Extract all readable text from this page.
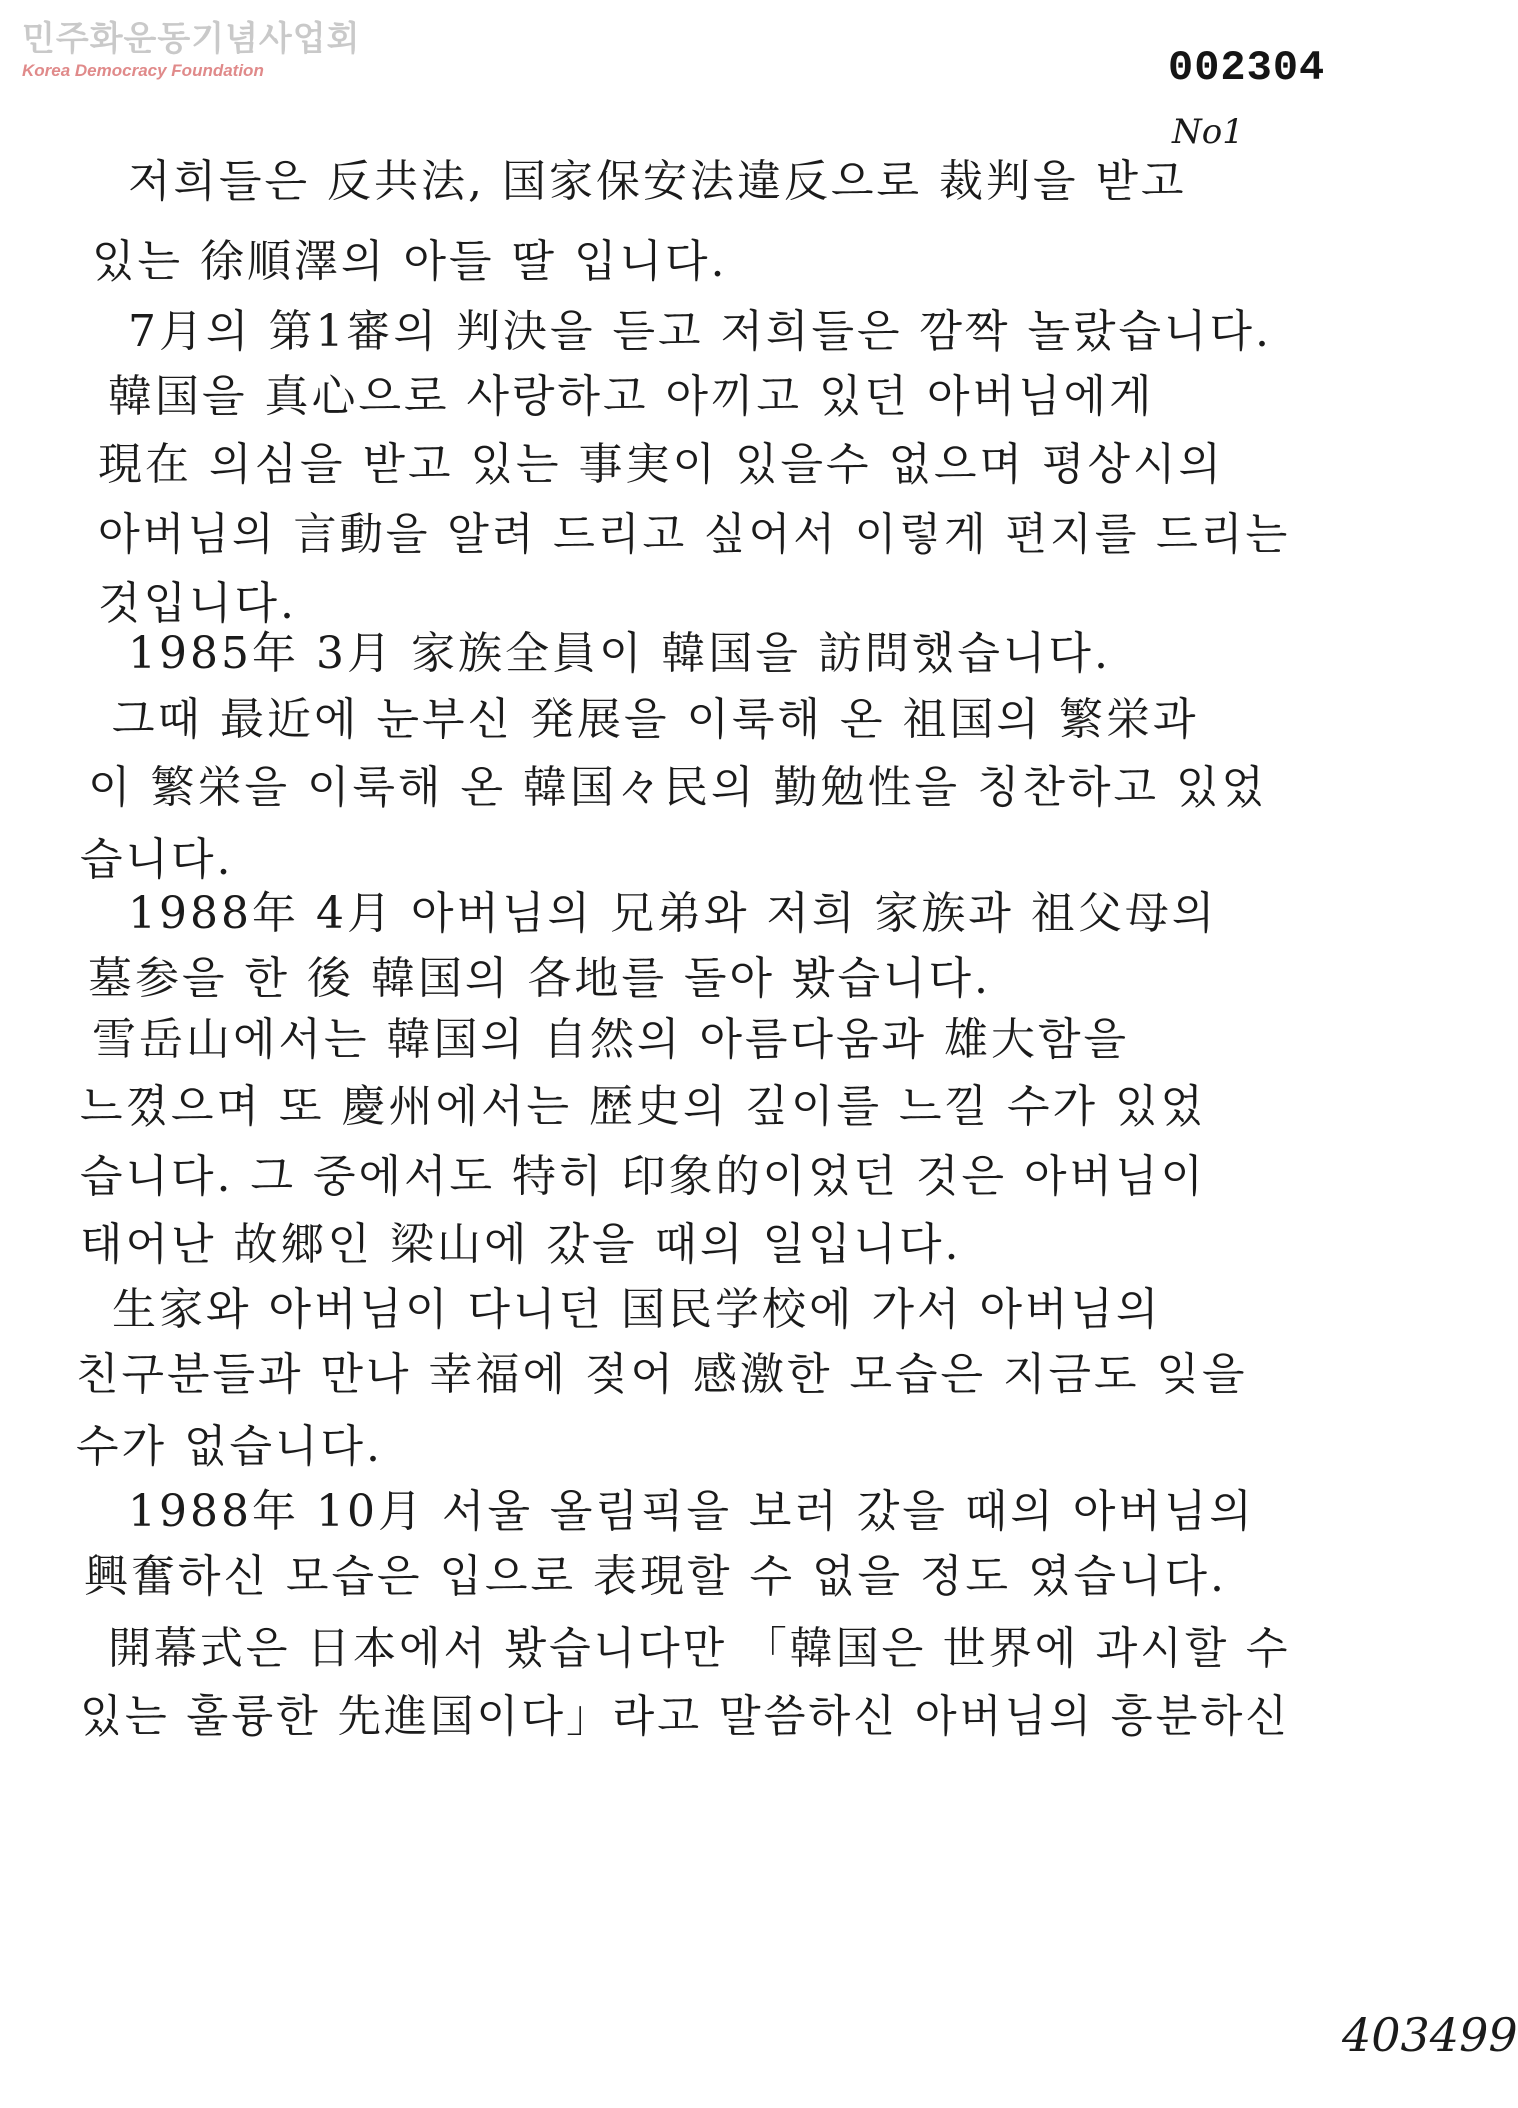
민주화운동기념사업회
Korea Democracy Foundation	002304
No1
저희들은 反共法, 国家保安法違反으로 裁判을 받고
있는 徐順澤의 아들 딸 입니다.
7月의 第1審의 判決을 듣고 저희들은 깜짝 놀랐습니다.
韓国을 真心으로 사랑하고 아끼고 있던 아버님에게
現在 의심을 받고 있는 事実이 있을수 없으며 평상시의
아버님의 言動을 알려 드리고 싶어서 이렇게 편지를 드리는
것입니다.
1985年 3月 家族全員이 韓国을 訪問했습니다.
그때 最近에 눈부신 発展을 이룩해 온 祖国의 繁栄과
이 繁栄을 이룩해 온 韓国々民의 勤勉性을 칭찬하고 있었
습니다.
1988年 4月 아버님의 兄弟와 저희 家族과 祖父母의
墓参을 한 後 韓国의 各地를 돌아 봤습니다.
雪岳山에서는 韓国의 自然의 아름다움과 雄大함을
느꼈으며 또 慶州에서는 歴史의 깊이를 느낄 수가 있었
습니다. 그 중에서도 特히 印象的이었던 것은 아버님이
태어난 故郷인 梁山에 갔을 때의 일입니다.
生家와 아버님이 다니던 国民学校에 가서 아버님의
친구분들과 만나 幸福에 젖어 感激한 모습은 지금도 잊을
수가 없습니다.
1988年 10月 서울 올림픽을 보러 갔을 때의 아버님의
興奮하신 모습은 입으로 表現할 수 없을 정도 였습니다.
開幕式은 日本에서 봤습니다만 「韓国은 世界에 과시할 수
있는 훌륭한 先進国이다」라고 말씀하신 아버님의 흥분하신
403499
